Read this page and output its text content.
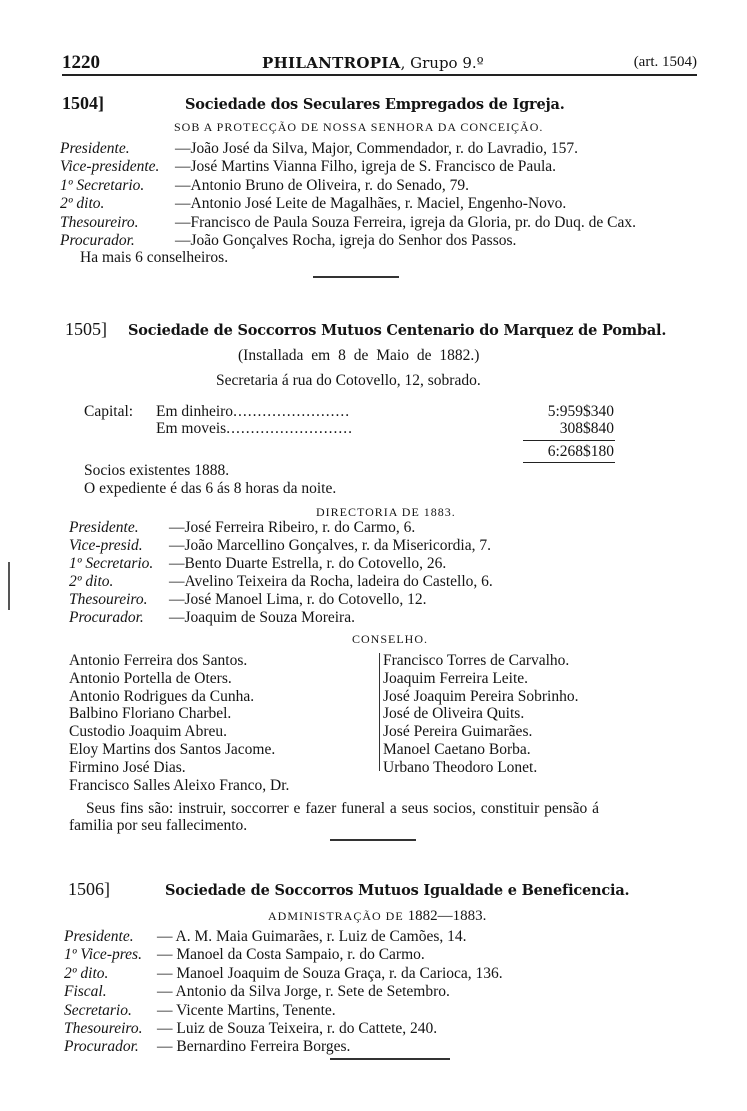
1220	PHILANTROPIA, Grupo 9.º	(art. 1504)
1504]	Sociedade dos Seculares Empregados de Igreja.
SOB A PROTECÇÃO DE NOSSA SENHORA DA CONCEIÇÃO.
Presidente.	—João José da Silva, Major, Commendador, r. do Lavradio, 157.
Vice-presidente. —José Martins Vianna Filho, igreja de S. Francisco de Paula.
1º Secretario. —Antonio Bruno de Oliveira, r. do Senado, 79.
2º dito.	—Antonio José Leite de Magalhães, r. Maciel, Engenho-Novo.
Thesoureiro. —Francisco de Paula Souza Ferreira, igreja da Gloria, pr. do Duq. de Cax.
Procurador.	—João Gonçalves Rocha, igreja do Senhor dos Passos.
Ha mais 6 conselheiros.
1505] Sociedade de Soccorros Mutuos Centenario do Marquez de Pombal.
(Installada em 8 de Maio de 1882.)
Secretaria á rua do Cotovello, 12, sobrado.
Capital: Em dinheiro........................	5:959$340
Em moveis..........................	308$840
6:268$180
Socios existentes 1888.
O expediente é das 6 ás 8 horas da noite.
DIRECTORIA DE 1883.
Presidente. —José Ferreira Ribeiro, r. do Carmo, 6.
Vice-presid. —João Marcellino Gonçalves, r. da Misericordia, 7.
1º Secretario. —Bento Duarte Estrella, r. do Cotovello, 26.
2º dito.	—Avelino Teixeira da Rocha, ladeira do Castello, 6.
Thesoureiro. —José Manoel Lima, r. do Cotovello, 12.
Procurador. —Joaquim de Souza Moreira.
CONSELHO.
Antonio Ferreira dos Santos.
Antonio Portella de Oters.
Antonio Rodrigues da Cunha.
Balbino Floriano Charbel.
Custodio Joaquim Abreu.
Eloy Martins dos Santos Jacome.
Firmino José Dias.
Francisco Salles Aleixo Franco, Dr.
Francisco Torres de Carvalho.
Joaquim Ferreira Leite.
José Joaquim Pereira Sobrinho.
José de Oliveira Quits.
José Pereira Guimarães.
Manoel Caetano Borba.
Urbano Theodoro Lonet.
Seus fins são: instruir, soccorrer e fazer funeral a seus socios, constituir pensão á
familia por seu fallecimento.
1506]	Sociedade de Soccorros Mutuos Igualdade e Beneficencia.
ADMINISTRAÇÃO DE 1882—1883.
Presidente. — A. M. Maia Guimarães, r. Luiz de Camões, 14.
1º Vice-pres. — Manoel da Costa Sampaio, r. do Carmo.
2º dito.	— Manoel Joaquim de Souza Graça, r. da Carioca, 136.
Fiscal.	— Antonio da Silva Jorge, r. Sete de Setembro.
Secretario. — Vicente Martins, Tenente.
Thesoureiro. — Luiz de Souza Teixeira, r. do Cattete, 240.
Procurador. — Bernardino Ferreira Borges.
